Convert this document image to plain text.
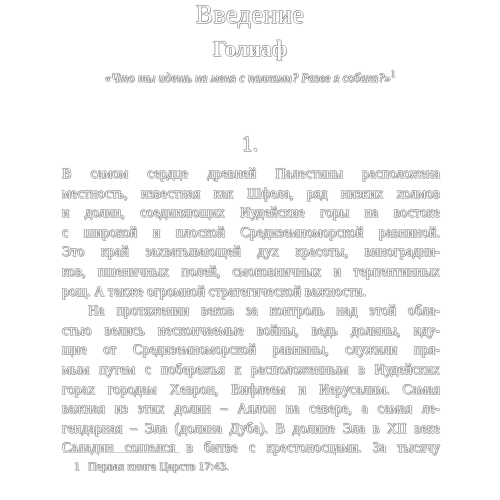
Введение
Голиаф
«Что ты идешь на меня с палками? Разве я собака?»$^1$
1.
В самом сердце древней Палестины расположена
местность, известная как Шфела, ряд низких холмов
и долин, соединяющих Иудейские горы на востоке
с широкой и плоской Средиземноморской равниной.
Это край захватывающей дух красоты, виноградни-
ков, пшеничных полей, смоковничных и терпентинных
рощ. А также огромной стратегической важности.
На протяжении веков за контроль над этой обла-
стью велись нескончаемые войны, ведь долины, иду-
щие от Средиземноморской равнины, служили пря-
мым путем с побережья к расположенным в Иудейских
горах городам Хеврон, Вифлеем и Иерусалим. Самая
важная из этих долин – Аялон на севере, а самая ле-
гендарная – Эла (долина Дуба). В долине Эла в XII веке
Саладин сошелся в битве с крестоносцами. За тысячу
1 Первая книга Царств 17:43.
